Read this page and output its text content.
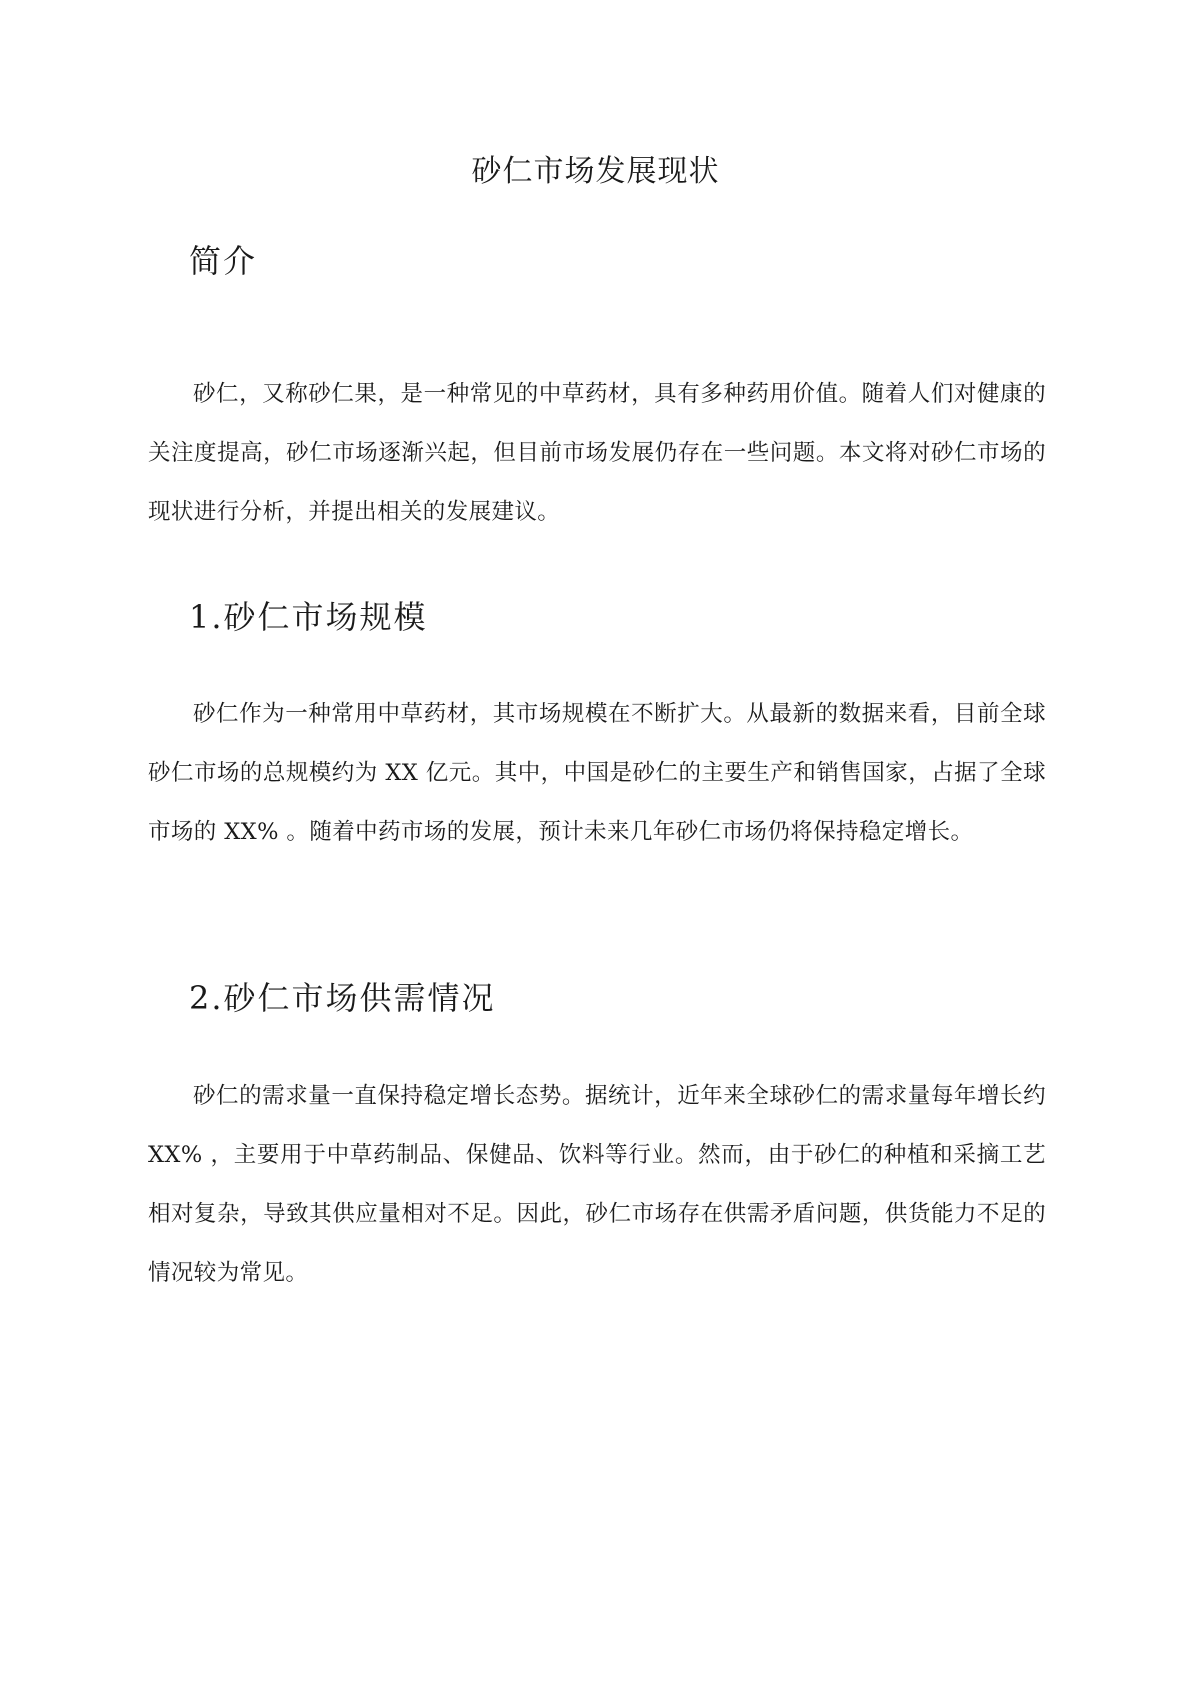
砂仁市场发展现状
简介

砂仁，又称砂仁果，是一种常见的中草药材，具有多种药用价值。随着人们对健康的关注度提高，砂仁市场逐渐兴起，但目前市场发展仍存在一些问题。本文将对砂仁市场的现状进行分析，并提出相关的发展建议。

1.砂仁市场规模

砂仁作为一种常用中草药材，其市场规模在不断扩大。从最新的数据来看，目前全球砂仁市场的总规模约为 XX 亿元。其中，中国是砂仁的主要生产和销售国家，占据了全球市场的 XX% 。随着中药市场的发展，预计未来几年砂仁市场仍将保持稳定增长。

2.砂仁市场供需情况

砂仁的需求量一直保持稳定增长态势。据统计，近年来全球砂仁的需求量每年增长约 XX% ，主要用于中草药制品、保健品、饮料等行业。然而，由于砂仁的种植和采摘工艺相对复杂，导致其供应量相对不足。因此，砂仁市场存在供需矛盾问题，供货能力不足的情况较为常见。
